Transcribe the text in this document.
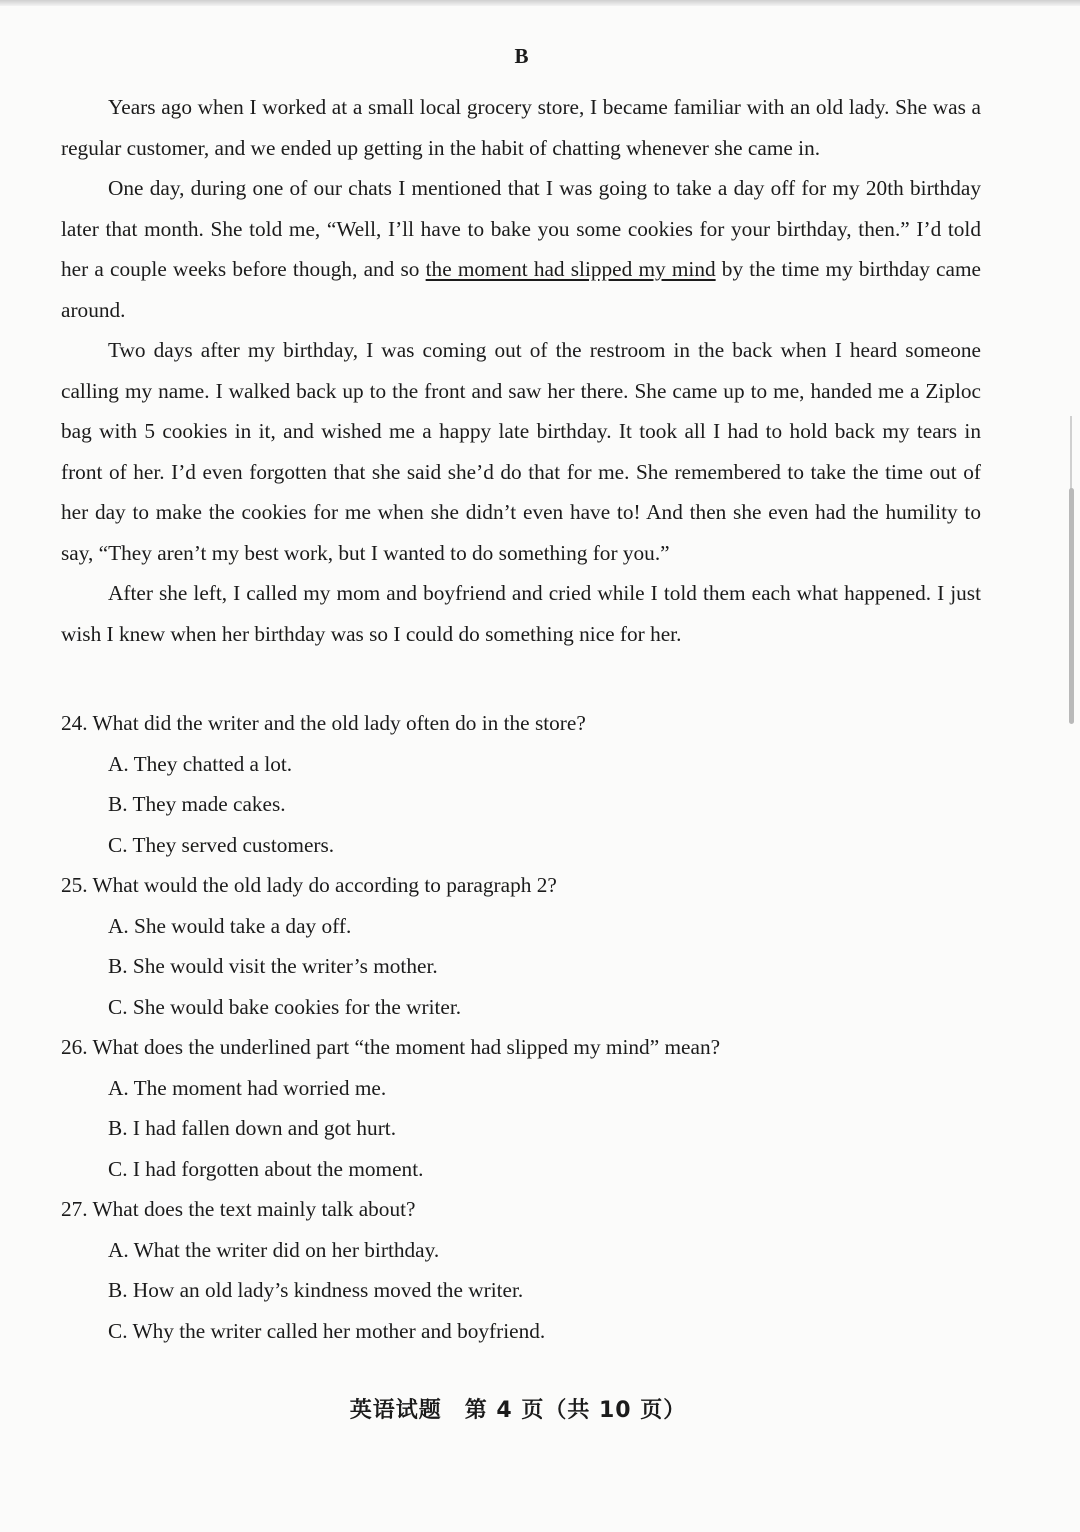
B

Years ago when I worked at a small local grocery store, I became familiar with an old lady. She was a regular customer, and we ended up getting in the habit of chatting whenever she came in.

One day, during one of our chats I mentioned that I was going to take a day off for my 20th birthday later that month. She told me, “Well, I’ll have to bake you some cookies for your birthday, then.” I’d told her a couple weeks before though, and so the moment had slipped my mind by the time my birthday came around.

Two days after my birthday, I was coming out of the restroom in the back when I heard someone calling my name. I walked back up to the front and saw her there. She came up to me, handed me a Ziploc bag with 5 cookies in it, and wished me a happy late birthday. It took all I had to hold back my tears in front of her. I’d even forgotten that she said she’d do that for me. She remembered to take the time out of her day to make the cookies for me when she didn’t even have to! And then she even had the humility to say, “They aren’t my best work, but I wanted to do something for you.”

After she left, I called my mom and boyfriend and cried while I told them each what happened. I just wish I knew when her birthday was so I could do something nice for her.

24. What did the writer and the old lady often do in the store?

A. They chatted a lot.

B. They made cakes.

C. They served customers.

25. What would the old lady do according to paragraph 2?

A. She would take a day off.

B. She would visit the writer’s mother.

C. She would bake cookies for the writer.

26. What does the underlined part “the moment had slipped my mind” mean?

A. The moment had worried me.

B. I had fallen down and got hurt.

C. I had forgotten about the moment.

27. What does the text mainly talk about?

A. What the writer did on her birthday.

B. How an old lady’s kindness moved the writer.

C. Why the writer called her mother and boyfriend.

英语试题　第 4 页（共 10 页）
